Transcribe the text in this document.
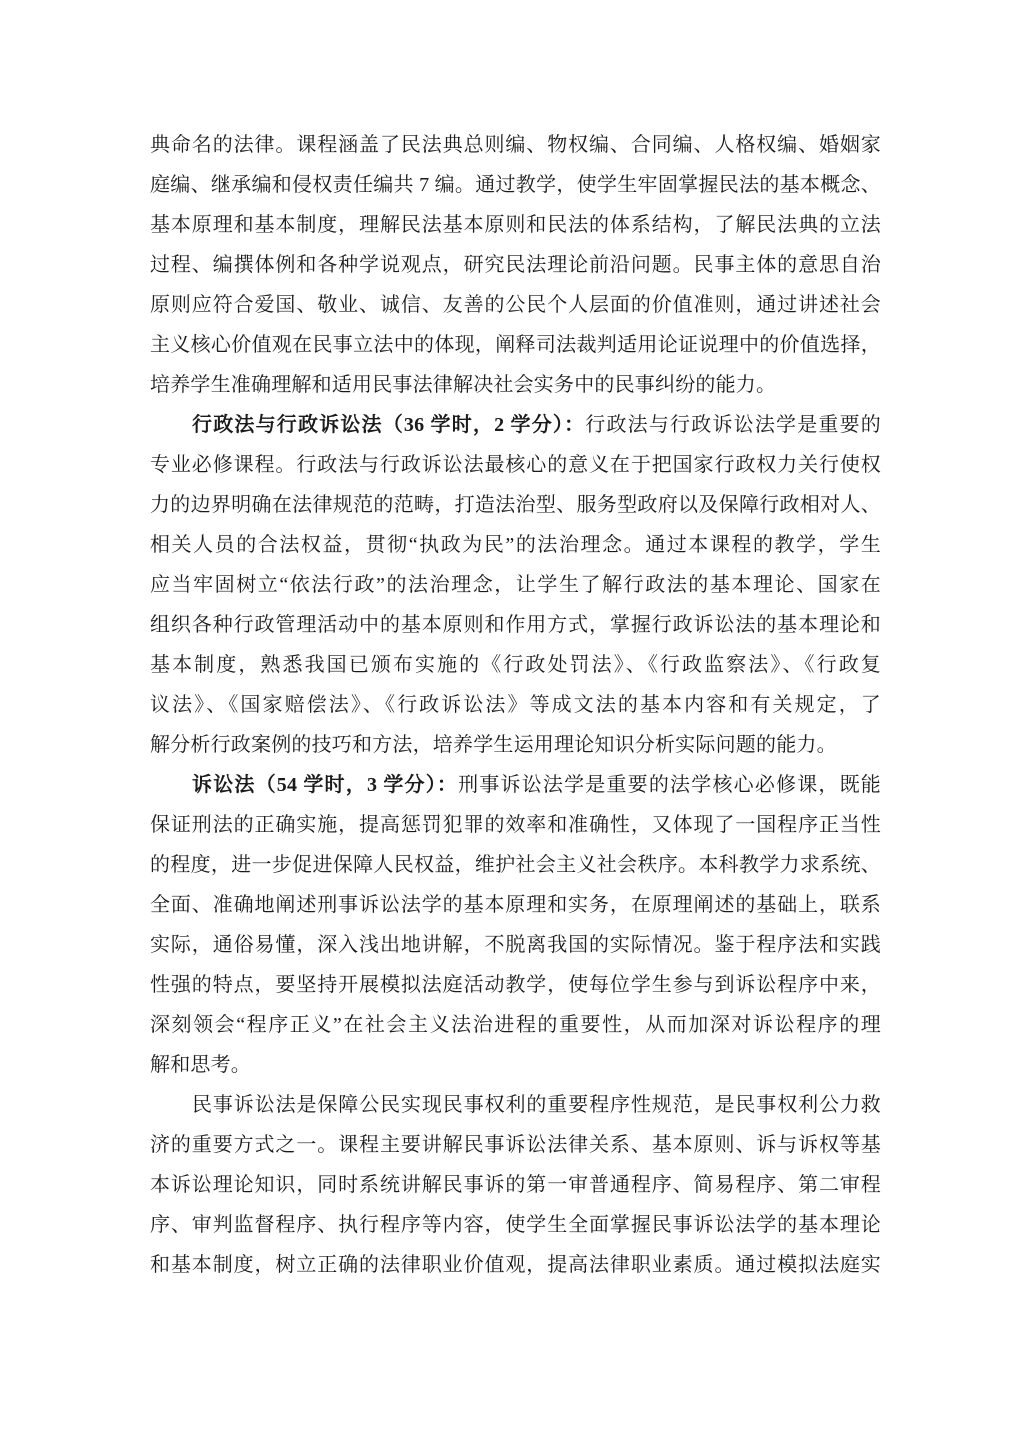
典命名的法律。课程涵盖了民法典总则编、物权编、合同编、人格权编、婚姻家
庭编、继承编和侵权责任编共 7 编。通过教学，使学生牢固掌握民法的基本概念、
基本原理和基本制度，理解民法基本原则和民法的体系结构，了解民法典的立法
过程、编撰体例和各种学说观点，研究民法理论前沿问题。民事主体的意思自治
原则应符合爱国、敬业、诚信、友善的公民个人层面的价值准则，通过讲述社会
主义核心价值观在民事立法中的体现，阐释司法裁判适用论证说理中的价值选择，
培养学生准确理解和适用民事法律解决社会实务中的民事纠纷的能力。
行政法与行政诉讼法（36 学时，2 学分）：行政法与行政诉讼法学是重要的
专业必修课程。行政法与行政诉讼法最核心的意义在于把国家行政权力关行使权
力的边界明确在法律规范的范畴，打造法治型、服务型政府以及保障行政相对人、
相关人员的合法权益，贯彻“执政为民”的法治理念。通过本课程的教学，学生
应当牢固树立“依法行政”的法治理念，让学生了解行政法的基本理论、国家在
组织各种行政管理活动中的基本原则和作用方式，掌握行政诉讼法的基本理论和
基本制度，熟悉我国已颁布实施的《行政处罚法》、《行政监察法》、《行政复
议法》、《国家赔偿法》、《行政诉讼法》等成文法的基本内容和有关规定，了
解分析行政案例的技巧和方法，培养学生运用理论知识分析实际问题的能力。
诉讼法（54 学时，3 学分）：刑事诉讼法学是重要的法学核心必修课，既能
保证刑法的正确实施，提高惩罚犯罪的效率和准确性，又体现了一国程序正当性
的程度，进一步促进保障人民权益，维护社会主义社会秩序。本科教学力求系统、
全面、准确地阐述刑事诉讼法学的基本原理和实务，在原理阐述的基础上，联系
实际，通俗易懂，深入浅出地讲解，不脱离我国的实际情况。鉴于程序法和实践
性强的特点，要坚持开展模拟法庭活动教学，使每位学生参与到诉讼程序中来，
深刻领会“程序正义”在社会主义法治进程的重要性，从而加深对诉讼程序的理
解和思考。
民事诉讼法是保障公民实现民事权利的重要程序性规范，是民事权利公力救
济的重要方式之一。课程主要讲解民事诉讼法律关系、基本原则、诉与诉权等基
本诉讼理论知识，同时系统讲解民事诉的第一审普通程序、简易程序、第二审程
序、审判监督程序、执行程序等内容，使学生全面掌握民事诉讼法学的基本理论
和基本制度，树立正确的法律职业价值观，提高法律职业素质。通过模拟法庭实
